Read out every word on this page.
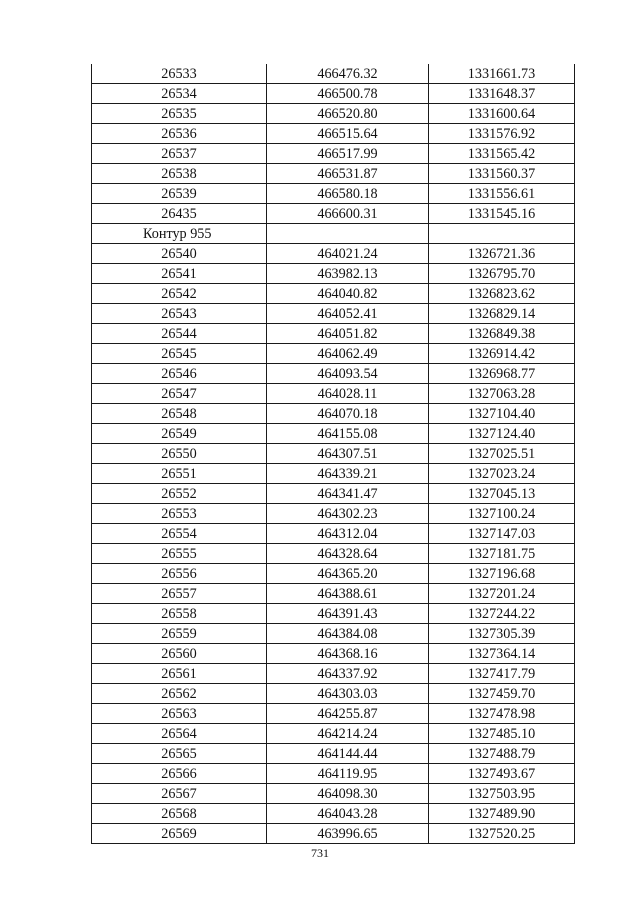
26533	466476.32	1331661.73
26534	466500.78	1331648.37
26535	466520.80	1331600.64
26536	466515.64	1331576.92
26537	466517.99	1331565.42
26538	466531.87	1331560.37
26539	466580.18	1331556.61
26435	466600.31	1331545.16
Контур 955		
26540	464021.24	1326721.36
26541	463982.13	1326795.70
26542	464040.82	1326823.62
26543	464052.41	1326829.14
26544	464051.82	1326849.38
26545	464062.49	1326914.42
26546	464093.54	1326968.77
26547	464028.11	1327063.28
26548	464070.18	1327104.40
26549	464155.08	1327124.40
26550	464307.51	1327025.51
26551	464339.21	1327023.24
26552	464341.47	1327045.13
26553	464302.23	1327100.24
26554	464312.04	1327147.03
26555	464328.64	1327181.75
26556	464365.20	1327196.68
26557	464388.61	1327201.24
26558	464391.43	1327244.22
26559	464384.08	1327305.39
26560	464368.16	1327364.14
26561	464337.92	1327417.79
26562	464303.03	1327459.70
26563	464255.87	1327478.98
26564	464214.24	1327485.10
26565	464144.44	1327488.79
26566	464119.95	1327493.67
26567	464098.30	1327503.95
26568	464043.28	1327489.90
26569	463996.65	1327520.25
731
